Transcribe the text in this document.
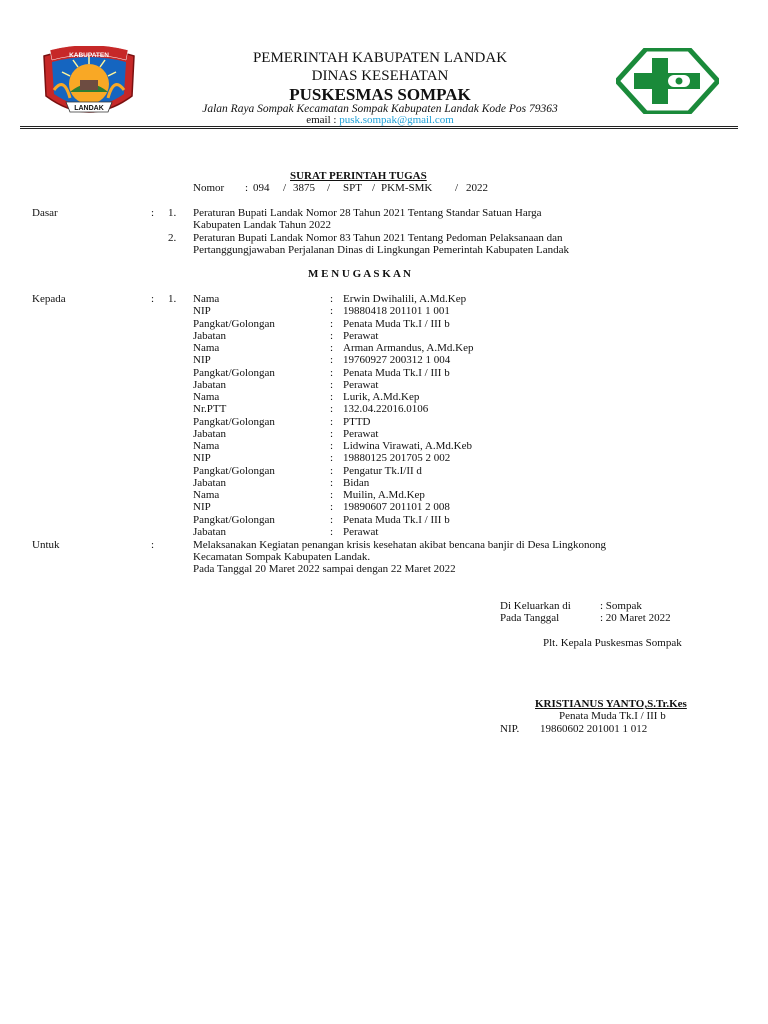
KABUPATEN
LANDAK
PEMERINTAH KABUPATEN LANDAK
DINAS KESEHATAN
PUSKESMAS SOMPAK
Jalan Raya Sompak Kecamatan Sompak Kabupaten Landak Kode Pos 79363
email : pusk.sompak@gmail.com
SURAT PERINTAH TUGAS
Nomor : 094 / 3875 / SPT / PKM-SMK / 2022
Dasar	: 1. Peraturan Bupati Landak Nomor 28 Tahun 2021 Tentang Standar Satuan Harga
Kabupaten Landak Tahun 2022
2. Peraturan Bupati Landak Nomor 83 Tahun 2021 Tentang Pedoman Pelaksanaan dan
Pertanggungjawaban Perjalanan Dinas di Lingkungan Pemerintah Kabupaten Landak
M E N U G A S K A N
Kepada	: 1. Nama	: Erwin Dwihalili, A.Md.Kep
NIP	: 19880418 201101 1 001
Pangkat/Golongan	: Penata Muda Tk.I / III b
Jabatan	: Perawat
Nama	: Arman Armandus, A.Md.Kep
NIP	: 19760927 200312 1 004
Pangkat/Golongan	: Penata Muda Tk.I / III b
Jabatan	: Perawat
Nama	: Lurik, A.Md.Kep
Nr.PTT	: 132.04.22016.0106
Pangkat/Golongan	: PTTD
Jabatan	: Perawat
Nama	: Lidwina Virawati, A.Md.Keb
NIP	: 19880125 201705 2 002
Pangkat/Golongan	: Pengatur Tk.I/II d
Jabatan	: Bidan
Nama	: Muilin, A.Md.Kep
NIP	: 19890607 201101 2 008
Pangkat/Golongan	: Penata Muda Tk.I / III b
Jabatan	: Perawat
Untuk	:	Melaksanakan Kegiatan penangan krisis kesehatan akibat bencana banjir di Desa Lingkonong
Kecamatan Sompak Kabupaten Landak.
Pada Tanggal 20 Maret 2022 sampai dengan 22 Maret 2022
Di Keluarkan di	: Sompak
Pada Tanggal	: 20 Maret 2022
Plt. Kepala Puskesmas Sompak
KRISTIANUS YANTO,S.Tr.Kes
Penata Muda Tk.I / III b
NIP. 19860602 201001 1 012
